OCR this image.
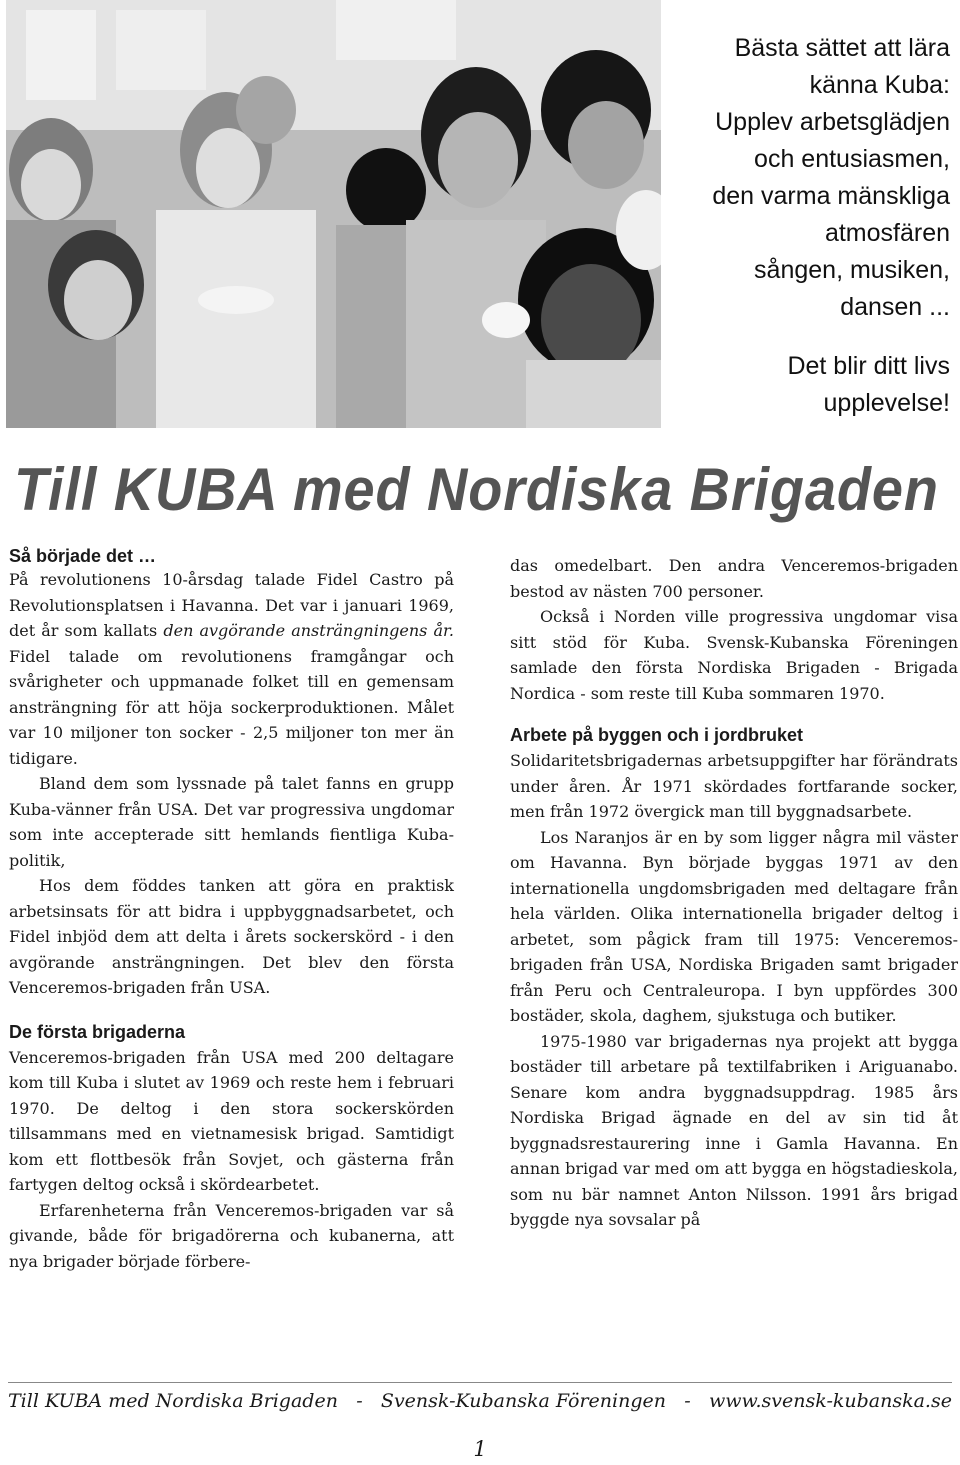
Bästa sättet att lära
känna Kuba:
Upplev arbetsglädjen
och entusiasmen,
den varma mänskliga
atmosfären
sången, musiken,
dansen ...
Det blir ditt livs
upplevelse!
Till KUBA med Nordiska Brigaden
Så började det …

På revolutionens 10-årsdag talade Fidel Castro på Revolutionsplatsen i Havanna. Det var i januari 1969, det år som kallats den avgörande ansträngningens år. Fidel talade om revolutionens framgångar och svårigheter och uppmanade folket till en gemensam ansträngning för att höja sockerproduktionen. Målet var 10 miljoner ton socker - 2,5 miljoner ton mer än tidigare.

Bland dem som lyssnade på talet fanns en grupp Kuba-vänner från USA. Det var progressiva ungdomar som inte accepterade sitt hemlands fientliga Kuba-politik,

Hos dem föddes tanken att göra en praktisk arbetsinsats för att bidra i uppbyggnadsarbetet, och Fidel inbjöd dem att delta i årets sockerskörd - i den avgörande ansträngningen. Det blev den första Venceremos-brigaden från USA.

De första brigaderna

Venceremos-brigaden från USA med 200 deltagare kom till Kuba i slutet av 1969 och reste hem i februari 1970. De deltog i den stora sockerskörden tillsammans med en vietnamesisk brigad. Samtidigt kom ett flottbesök från Sovjet, och gästerna från fartygen deltog också i skördearbetet.

Erfarenheterna från Venceremos-brigaden var så givande, både för brigadörerna och kubanerna, att nya brigader började förbere-

das omedelbart. Den andra Venceremos-brigaden bestod av nästen 700 personer.

Också i Norden ville progressiva ungdomar visa sitt stöd för Kuba. Svensk-Kubanska Föreningen samlade den första Nordiska Brigaden - Brigada Nordica - som reste till Kuba sommaren 1970.

Arbete på byggen och i jordbruket

Solidaritetsbrigadernas arbetsuppgifter har förändrats under åren. År 1971 skördades fortfarande socker, men från 1972 övergick man till byggnadsarbete.

Los Naranjos är en by som ligger några mil väster om Havanna. Byn började byggas 1971 av den internationella ungdomsbrigaden med deltagare från hela världen. Olika internationella brigader deltog i arbetet, som pågick fram till 1975: Venceremos-brigaden från USA, Nordiska Brigaden samt brigader från Peru och Centraleuropa. I byn uppfördes 300 bostäder, skola, daghem, sjukstuga och butiker.

1975-1980 var brigadernas nya projekt att bygga bostäder till arbetare på textilfabriken i Ariguanabo. Senare kom andra byggnadsuppdrag. 1985 års Nordiska Brigad ägnade en del av sin tid åt byggnadsrestaurering inne i Gamla Havanna. En annan brigad var med om att bygga en högstadieskola, som nu bär namnet Anton Nilsson. 1991 års brigad byggde nya sovsalar på

Till KUBA med Nordiska Brigaden - Svensk-Kubanska Föreningen - www.svensk-kubanska.se
1
